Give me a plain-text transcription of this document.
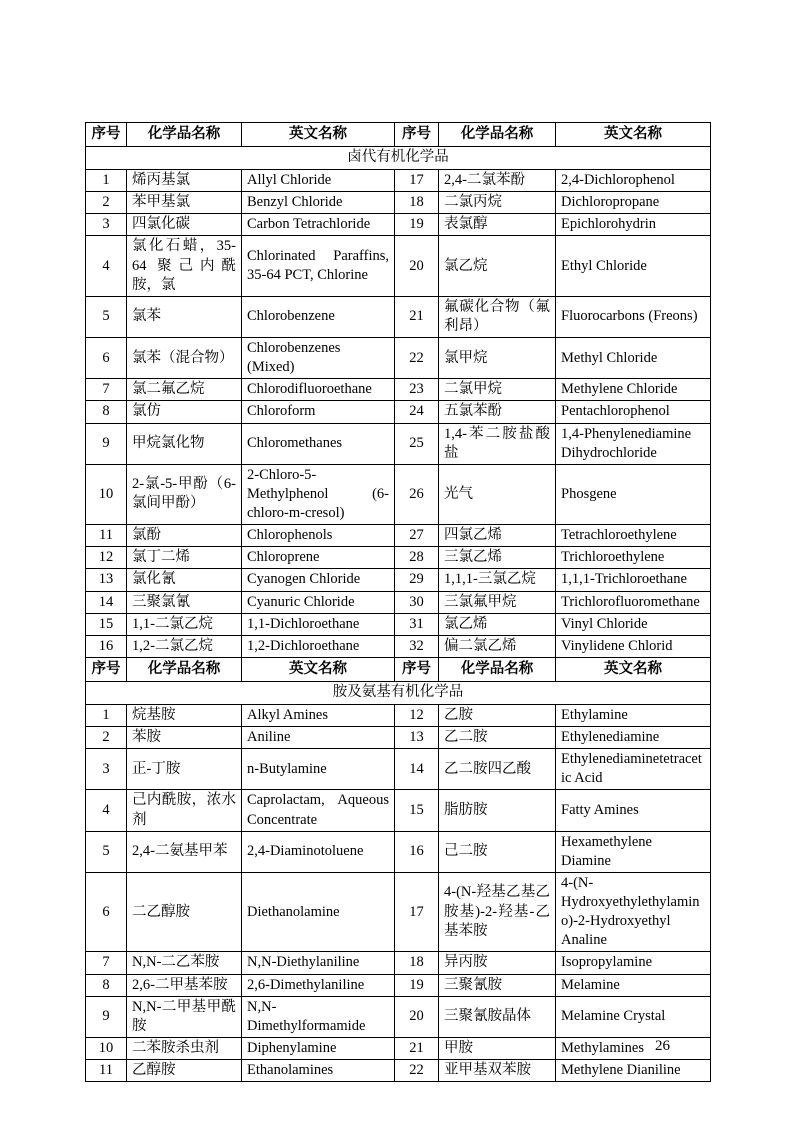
序号	化学品名称	英文名称	序号	化学品名称	英文名称
卤代有机化学品					
1	烯丙基氯	Allyl Chloride	17	2,4-二氯苯酚	2,4-Dichlorophenol
2	苯甲基氯	Benzyl Chloride	18	二氯丙烷	Dichloropropane
3	四氯化碳	Carbon Tetrachloride	19	表氯醇	Epichlorohydrin
4	氯化石蜡，35-64 聚己内酰胺，氯	Chlorinated Paraffins, 35-64 PCT, Chlorine	20	氯乙烷	Ethyl Chloride
5	氯苯	Chlorobenzene	21	氟碳化合物（氟利昂）	Fluorocarbons (Freons)
6	氯苯（混合物）	Chlorobenzenes (Mixed)	22	氯甲烷	Methyl Chloride
7	氯二氟乙烷	Chlorodifluoroethane	23	二氯甲烷	Methylene Chloride
8	氯仿	Chloroform	24	五氯苯酚	Pentachlorophenol
9	甲烷氯化物	Chloromethanes	25	1,4-苯二胺盐酸盐	1,4-Phenylenediamine Dihydrochloride
10	2-氯-5-甲酚（6-氯间甲酚）	2-Chloro-5-Methylphenol (6-chloro-m-cresol)	26	光气	Phosgene
11	氯酚	Chlorophenols	27	四氯乙烯	Tetrachloroethylene
12	氯丁二烯	Chloroprene	28	三氯乙烯	Trichloroethylene
13	氯化氰	Cyanogen Chloride	29	1,1,1-三氯乙烷	1,1,1-Trichloroethane
14	三聚氯氰	Cyanuric Chloride	30	三氯氟甲烷	Trichlorofluoromethane
15	1,1-二氯乙烷	1,1-Dichloroethane	31	氯乙烯	Vinyl Chloride
16	1,2-二氯乙烷	1,2-Dichloroethane	32	偏二氯乙烯	Vinylidene Chlorid
序号	化学品名称	英文名称	序号	化学品名称	英文名称
胺及氨基有机化学品					
1	烷基胺	Alkyl Amines	12	乙胺	Ethylamine
2	苯胺	Aniline	13	乙二胺	Ethylenediamine
3	正-丁胺	n-Butylamine	14	乙二胺四乙酸	Ethylenediaminetetracetic Acid
4	己内酰胺，浓水剂	Caprolactam, Aqueous Concentrate	15	脂肪胺	Fatty Amines
5	2,4-二氨基甲苯	2,4-Diaminotoluene	16	己二胺	Hexamethylene Diamine
6	二乙醇胺	Diethanolamine	17	4-(N-羟基乙基乙胺基)-2-羟基-乙基苯胺	4-(N-Hydroxyethylethylamino)-2-Hydroxyethyl Analine
7	N,N-二乙苯胺	N,N-Diethylaniline	18	异丙胺	Isopropylamine
8	2,6-二甲基苯胺	2,6-Dimethylaniline	19	三聚氰胺	Melamine
9	N,N-二甲基甲酰胺	N,N-Dimethylformamide	20	三聚氰胺晶体	Melamine Crystal
10	二苯胺杀虫剂	Diphenylamine	21	甲胺	Methylamines
11	乙醇胺	Ethanolamines	22	亚甲基双苯胺	Methylene Dianiline
26
